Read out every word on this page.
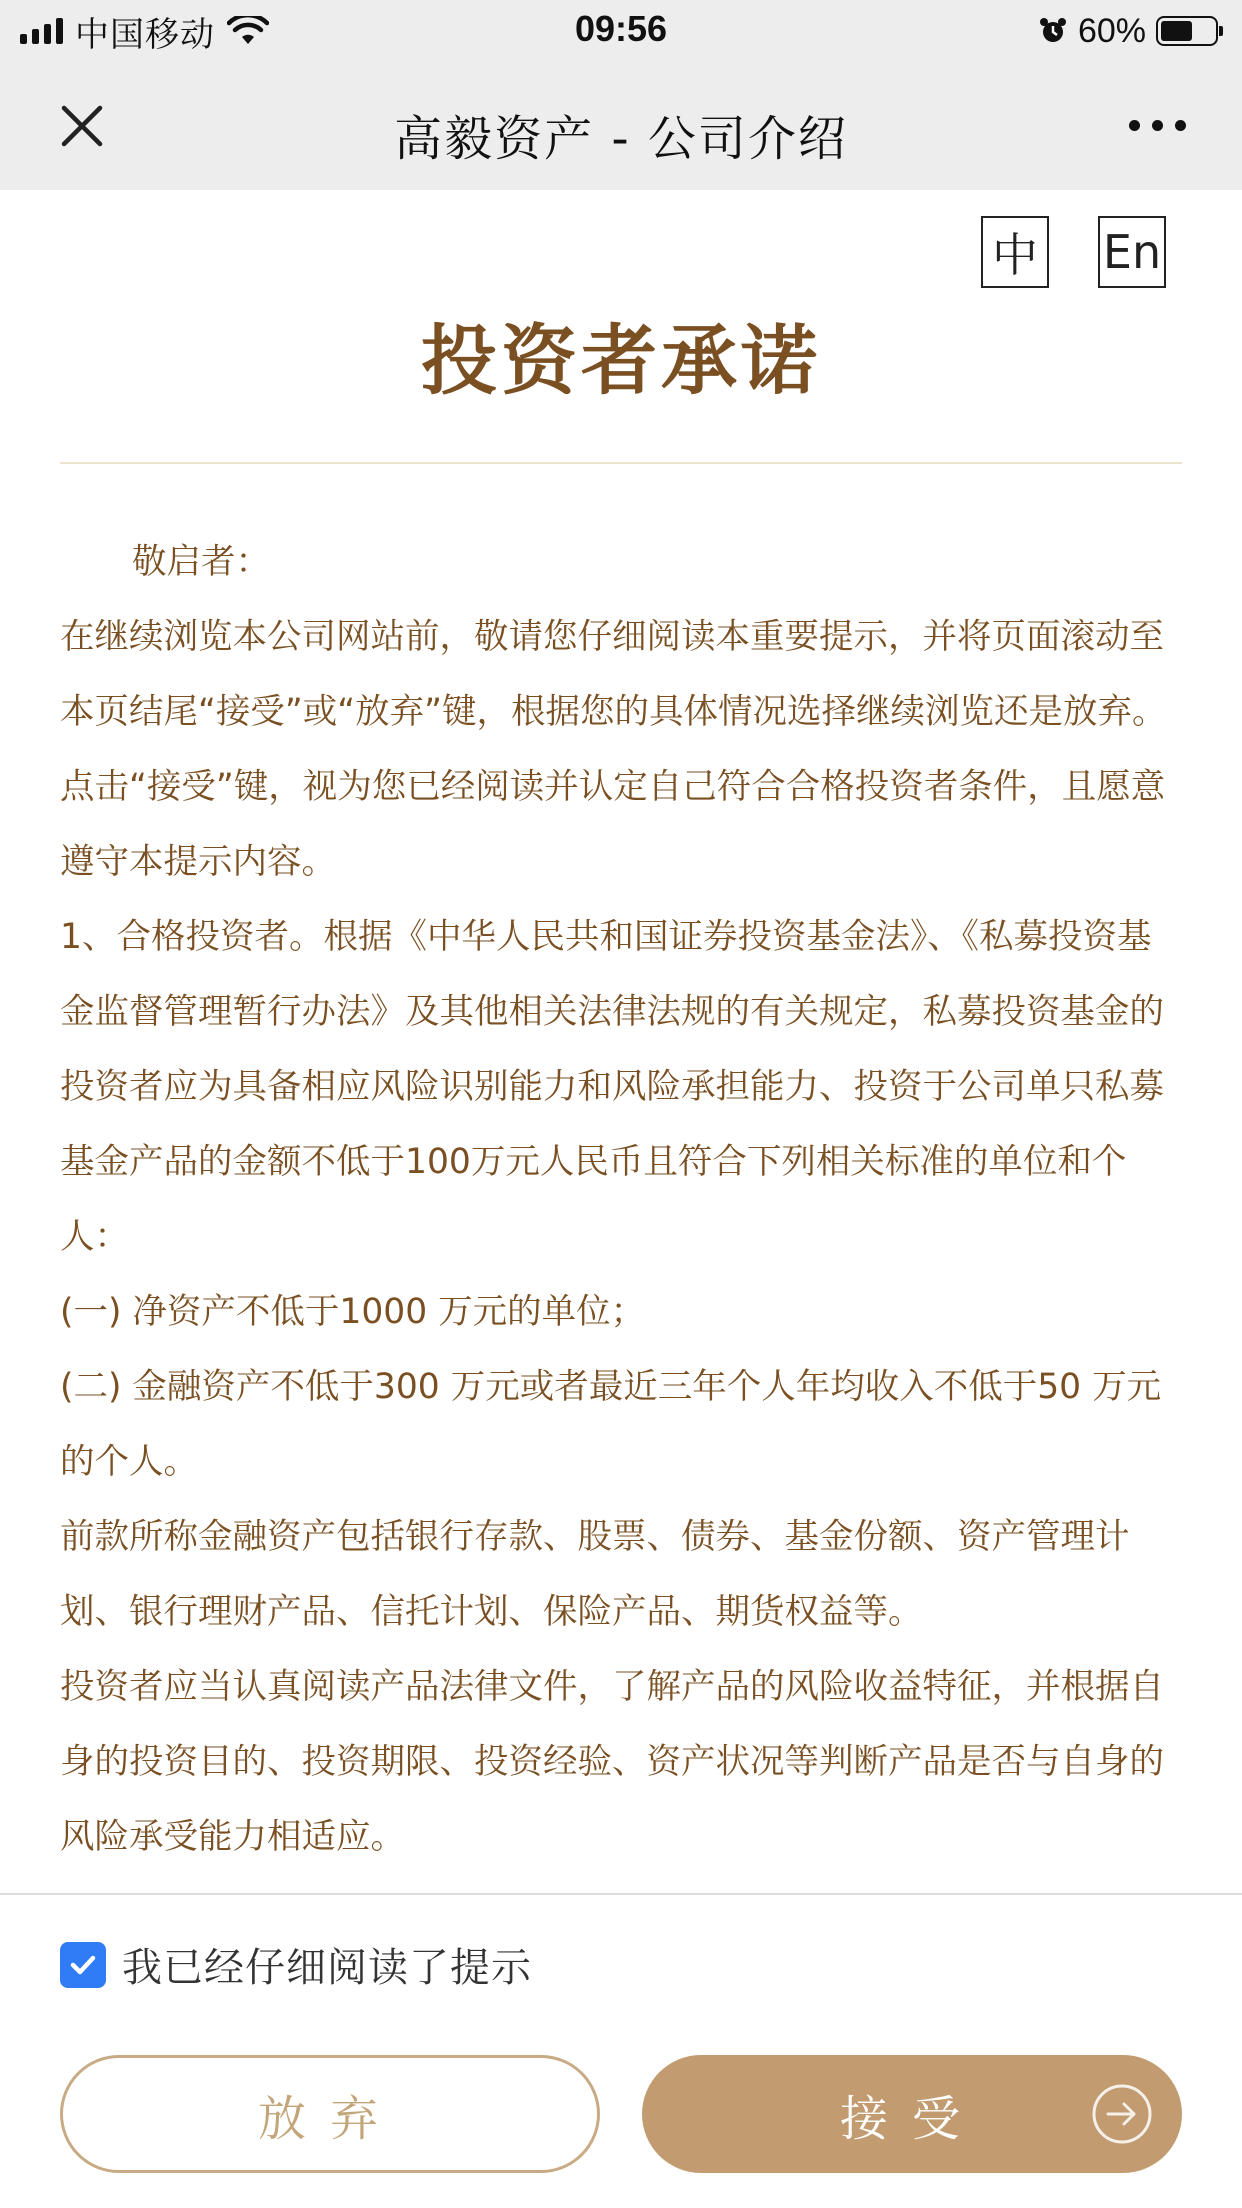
中国移动	09:56	60%
高毅资产 - 公司介绍
中 En
投资者承诺

敬启者：

在继续浏览本公司网站前，敬请您仔细阅读本重要提示，并将页面滚动至本页结尾“接受”或“放弃”键，根据您的具体情况选择继续浏览还是放弃。点击“接受”键，视为您已经阅读并认定自己符合合格投资者条件，且愿意遵守本提示内容。

1、合格投资者。根据《中华人民共和国证券投资基金法》、《私募投资基金监督管理暂行办法》及其他相关法律法规的有关规定，私募投资基金的投资者应为具备相应风险识别能力和风险承担能力、投资于公司单只私募基金产品的金额不低于100万元人民币且符合下列相关标准的单位和个人：

(一) 净资产不低于1000 万元的单位；

(二) 金融资产不低于300 万元或者最近三年个人年均收入不低于50 万元的个人。

前款所称金融资产包括银行存款、股票、债券、基金份额、资产管理计划、银行理财产品、信托计划、保险产品、期货权益等。

投资者应当认真阅读产品法律文件，了解产品的风险收益特征，并根据自身的投资目的、投资期限、投资经验、资产状况等判断产品是否与自身的风险承受能力相适应。

我已经仔细阅读了提示
放弃	接受
